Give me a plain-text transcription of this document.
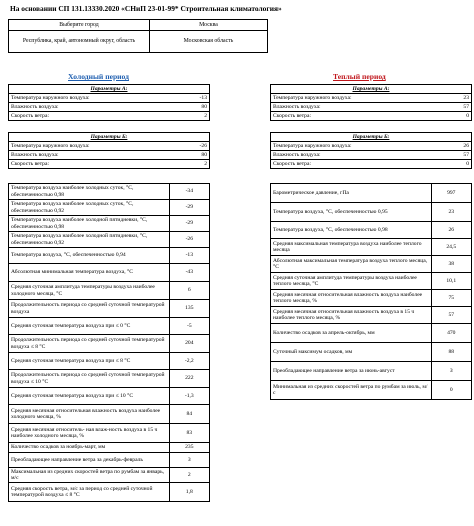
На основании СП 131.13330.2020 «СНиП 23-01-99* Строительная климатология»
Выберите город	Москва
Республика, край, автономный округ, область	Московская область
Холодный период	Теплый период
Параметры А:	
Температура наружного воздуха:	-13
Влажность воздуха:	80
Скорость ветра:	2
Параметры Б:	
Температура наружного воздуха:	-26
Влажность воздуха:	80
Скорость ветра:	2
Параметры А:	
Температура наружного воздуха:	23
Влажность воздуха:	57
Скорость ветра:	0
Параметры Б:	
Температура наружного воздуха:	26
Влажность воздуха:	57
Скорость ветра:	0
Температура воздуха наиболее холодных суток, °С, обеспеченностью 0,98	-34
Температура воздуха наиболее холодных суток, °С, обеспеченностью 0,92	-29
Температура воздуха наиболее холодной пятидневки, °С, обеспеченностью 0,98	-29
Температура воздуха наиболее холодной пятидневки, °С, обеспеченностью 0,92	-26
Температура воздуха, °С, обеспеченностью 0,94	-13
Абсолютная минимальная температура воздуха, °С	-43
Средняя суточная амплитуда температуры воздуха наиболее холодного месяца, °С	6
Продолжительность периода со средней суточной температурой воздуха	135
Средняя суточная температура воздуха при ≤ 0 °С	-5
Продолжительность периода со средней суточной температурой воздуха ≤ 8 °С	204
Средняя суточная температура воздуха при ≤ 8 °С	-2,2
Продолжительность периода со средней суточной температурой воздуха ≤ 10 °С	222
Средняя суточная температура воздуха при ≤ 10 °С	-1,3
Средняя месячная относительная влажность воздуха наиболее холодного месяца, %	84
Средняя месячная относитель- ная влаж-ность воздуха в 15 ч наиболее холодного месяца, %	83
Количество осадков за ноябрь-март, мм	235
Преобладающее направление ветра за декабрь-февраль	З
Максимальная из средних скоростей ветра по румбам за январь, м/с	2
Средняя скорость ветра, м/с за период со средней суточной температурой воздуха ≤ 8 °С	1,8
Барометрическое давление, гПа	997
Температура воздуха, °С, обеспеченностью 0,95	23
Температура воздуха, °С, обеспеченностью 0,98	26
Средняя максимальная температура воздуха наиболее теплого месяца	24,5
Абсолютная максимальная температура воздуха теплого месяца, °С	38
Средняя суточная амплитуда температуры воздуха наиболее теплого месяца, °С	10,1
Средняя месячная относительная влажность воздуха наиболее теплого месяца, %	75
Средняя месячная относительная влажность воздуха в 15 ч наиболее теплого месяца, %	57
Количество осадков за апрель-октябрь, мм	470
Суточный максимум осадков, мм	88
Преобладающее направление ветра за июнь-август	З
Минимальная из средних скоростей ветра по румбам за июль, м/с	0
